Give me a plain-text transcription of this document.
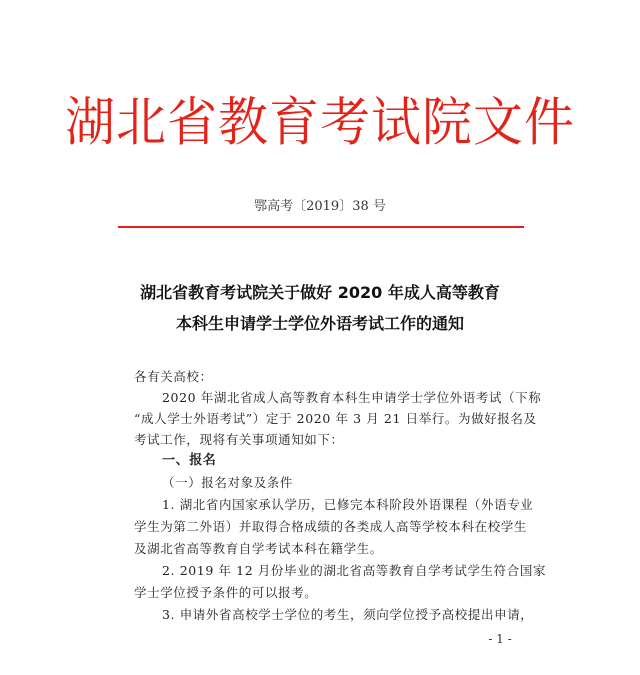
湖北省教育考试院文件
鄂高考〔2019〕38 号
湖北省教育考试院关于做好 2020 年成人高等教育
本科生申请学士学位外语考试工作的通知
各有关高校：
2020 年湖北省成人高等教育本科生申请学士学位外语考试（下称
“成人学士外语考试”）定于 2020 年 3 月 21 日举行。为做好报名及
考试工作，现将有关事项通知如下：
一、报名
（一）报名对象及条件
1. 湖北省内国家承认学历，已修完本科阶段外语课程（外语专业
学生为第二外语）并取得合格成绩的各类成人高等学校本科在校学生
及湖北省高等教育自学考试本科在籍学生。
2. 2019 年 12 月份毕业的湖北省高等教育自学考试学生符合国家
学士学位授予条件的可以报考。
3. 申请外省高校学士学位的考生，须向学位授予高校提出申请，
- 1 -
